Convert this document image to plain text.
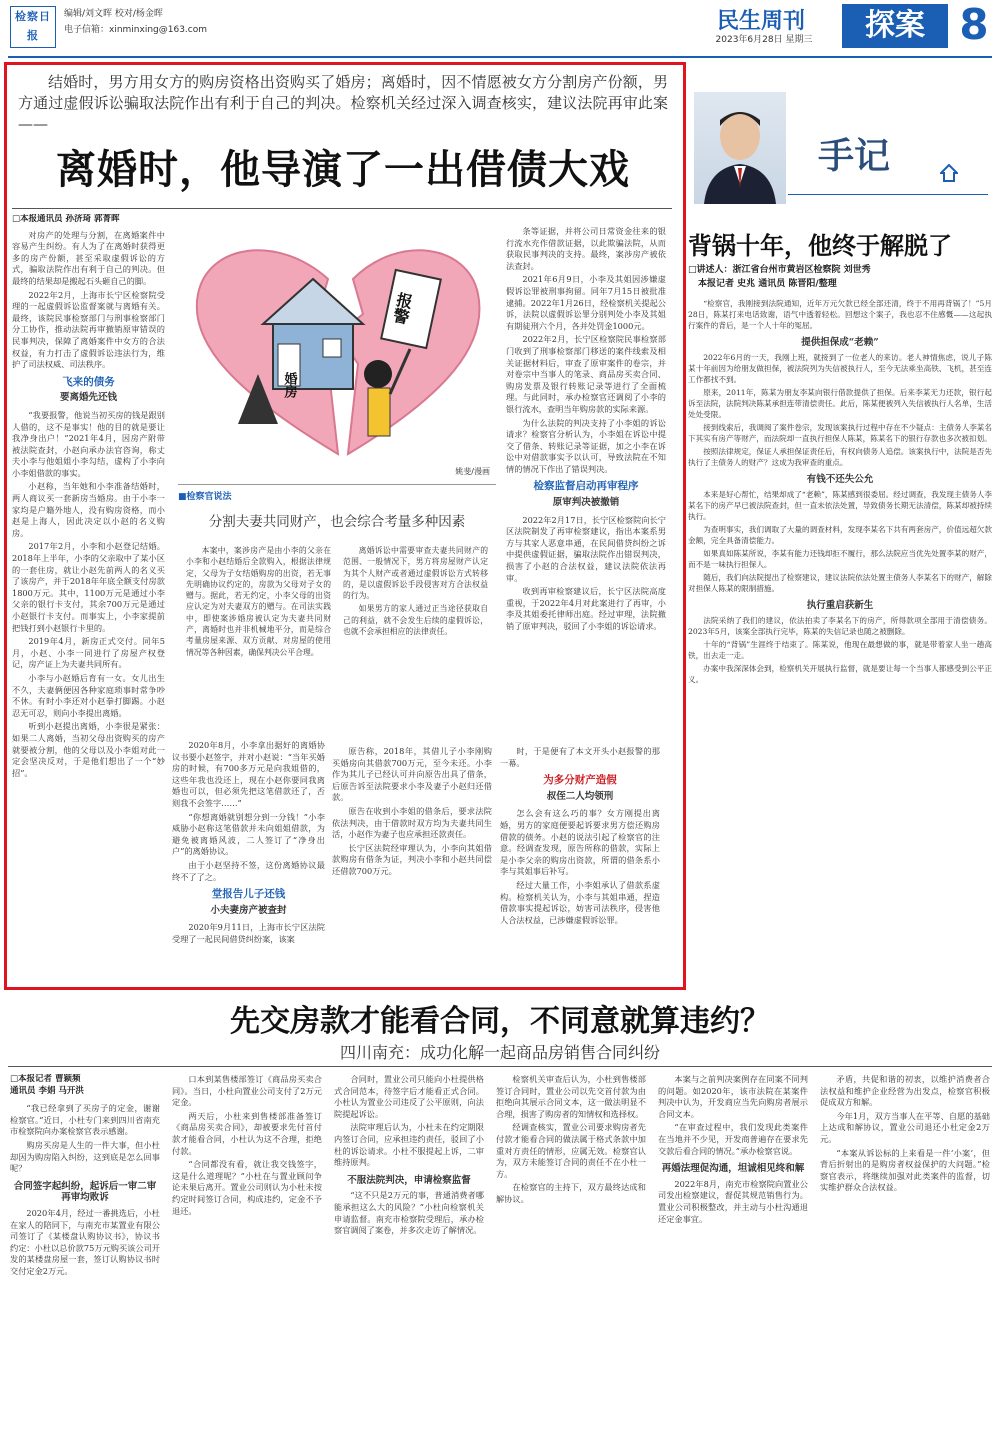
检察日报
编辑/刘文晖 校对/杨金晖
电子信箱：xinminxing@163.com	民生周刊
2023年6月28日 星期三	探案 8
结婚时，男方用女方的购房资格出资购买了婚房；离婚时，因不情愿被女方分割房产份额，男方通过虚假诉讼骗取法院作出有利于自己的判决。检察机关经过深入调查核实，建议法院再审此案——
离婚时，他导演了一出借债大戏
□本报通讯员 孙济琦 郭菁晖

对房产的处理与分割，在离婚案件中容易产生纠纷。有人为了在离婚时获得更多的房产份额，甚至采取虚假诉讼的方式，骗取法院作出有利于自己的判决。但最终的结果却是搬起石头砸自己的脚。

2022年2月，上海市长宁区检察院受理的一起虚假诉讼监督案就与离婚有关。最终，该院民事检察部门与刑事检察部门分工协作，推动法院再审撤销原审错误的民事判决，保障了离婚案件中女方的合法权益，有力打击了虚假诉讼违法行为，维护了司法权威、司法秩序。

飞来的债务
要离婚先还钱

“我要报警，他说当初买房的钱是跟别人借的，这不是事实！他的目的就是要让我净身出户！”2021年4月，因房产附带被法院查封，小赵向承办法官咨询，称丈夫小李与他姐姐小李勾结，虚构了小李向小李姐借款的事实。

小赵称，当年她和小李准备结婚时，两人商议买一套新房当婚房。由于小李一家均是户籍外地人，没有购房资格，而小赵是上海人，因此决定以小赵的名义购房。

2017年2月，小李和小赵登记结婚。2018年上半年，小李的父亲取中了某小区的一套住房，就让小赵先前两人的名义买了该房产，并于2018年年底全额支付房款1800万元。其中，1100万元是通过小李父亲的银行卡支付，其余700万元是通过小赵银行卡支付。而事实上，小李家提前把钱打到小赵银行卡里的。

2019年4月，新房正式交付。同年5月，小赵、小李一同进行了房屋产权登记，房产证上为夫妻共同所有。

小李与小赵婚后育有一女。女儿出生不久，夫妻俩便因各种家庭琐事时常争吵不休。有时小李还对小赵拳打脚踢。小赵忍无可忍，则向小李提出离婚。

听到小赵提出离婚，小李很是紧张：如果二人离婚，当初父母出资购买的房产就要被分割，他的父母以及小李姐对此一定会坚决反对，于是他们想出了一个“妙招”。

2020年8月，小李拿出据好的离婚协议书要小赵签字，并对小赵说：“当年买婚房的时候，有700多万元是向我姐借的，这些年我也没还上，现在小赵你要同我离婚也可以，但必须先把这笔借款还了，否则我不会签字……”

“你想离婚就别想分到一分钱！”小李威胁小赵称这笔借款并未向姐姐借款，为避免被离婚风波，二人签订了“净身出户”的离婚协议。

由于小赵坚持不签，这份离婚协议最终不了了之。

堂报告儿子还钱
小夫妻房产被查封

2020年9月11日，上海市长宁区法院受理了一起民间借贷纠纷案，该案

婚房
报警
姚斐/漫画
■检察官说法
分割夫妻共同财产，也会综合考量多种因素

本案中，案涉房产是由小李的父亲在小李和小赵结婚后全款购入，根据法律规定，父母为子女结婚购房的出资，若无事先明确协议约定的，房款为父母对子女的赠与。据此，若无约定，小李父母的出资应认定为对夫妻双方的赠与。在司法实践中，即使案涉婚房被认定为夫妻共同财产，离婚时也并非机械地平分，而是综合考量房屋来源、双方贡献、对房屋的使用情况等各种因素，确保判决公平合理。

离婚诉讼中需要审查夫妻共同财产的范围、一般情况下，男方将房屋财产认定为其个人财产或者通过虚假诉讼方式转移的，是以虚假诉讼手段侵害对方合法权益的行为。

如果男方的家人通过正当途径获取自己的利益，就不会发生后续的虚假诉讼，也就不会承担相应的法律责任。

原告称，2018年，其借儿子小李刚购买婚房向其借款700万元，至今未还。小李作为其儿子已经认可并向原告出具了借条，后原告诉至法院要求小李及妻子小赵归还借款。

原告在收到小李姐的借条后，要求法院依法判决，由于借款时双方均为夫妻共同生活，小赵作为妻子也应承担还款责任。

长宁区法院经审理认为，小李向其姐借款购房有借条为证，判决小李和小赵共同偿还借款700万元。

时，于是便有了本文开头小赵报警的那一幕。

为多分财产造假
叔侄二人均领刑

怎么会有这么巧的事？女方刚提出离婚，男方的家庭便要起诉要求男方偿还购房借款的债务。小赵的说法引起了检察官的注意。经调查发现，原告所称的借款，实际上是小李父亲的购房出资款，所谓的借条系小李与其姐事后补写。

经过大量工作，小李姐承认了借款系虚构。检察机关认为，小李与其姐串通，捏造借款事实提起诉讼，妨害司法秩序，侵害他人合法权益，已涉嫌虚假诉讼罪。

条等证据，并将公司日常资金往来的银行流水充作借款证据，以此欺骗法院，从而获取民事判决的支持。最终，案涉房产被依法查封。

2021年6月9日，小李及其姐因涉嫌虚假诉讼罪被刑事拘留。同年7月15日被批准逮捕。2022年1月26日，经检察机关提起公诉，法院以虚假诉讼罪分别判处小李及其姐有期徒刑六个月，各并处罚金1000元。

2022年2月，长宁区检察院民事检察部门收到了刑事检察部门移送的案件线索及相关证据材料后，审查了原审案件的卷宗，并对卷宗中当事人的笔录、商品房买卖合同、购房发票及银行转账记录等进行了全面梳理。与此同时，承办检察官还调阅了小李的银行流水，查明当年购房款的实际来源。

为什么法院的判决支持了小李姐的诉讼请求？检察官分析认为，小李姐在诉讼中提交了借条、转账记录等证据，加之小李在诉讼中对借款事实予以认可，导致法院在不知情的情况下作出了错误判决。

检察监督启动再审程序
原审判决被撤销

2022年2月17日，长宁区检察院向长宁区法院制发了再审检察建议，指出本案系男方与其家人恶意串通，在民间借贷纠纷之诉中提供虚假证据，骗取法院作出错误判决，损害了小赵的合法权益，建议法院依法再审。

收到再审检察建议后，长宁区法院高度重视，于2022年4月对此案进行了再审，小李及其姐委托律师出庭。经过审理，法院撤销了原审判决，驳回了小李姐的诉讼请求。

手记
背锅十年，他终于解脱了
□讲述人：浙江省台州市黄岩区检察院 刘世秀
本报记者 史兆 通讯员 陈晋阳/整理

“检察官，我刚接到法院通知，近年万元欠款已经全部还清，终于不用再背锅了！”5月28日，陈某打来电话致谢，语气中透着轻松。回想这个案子，我也忍不住感慨——这起执行案件的背后，是一个人十年的冤屈。

提供担保成“老赖”

2022年6月的一天，我刚上班，就接到了一位老人的来访。老人神情焦虑，说儿子陈某十年前因为给朋友做担保，被法院列为失信被执行人，至今无法乘坐高铁、飞机，甚至连工作都找不到。

原来，2011年，陈某为朋友李某向银行借款提供了担保。后来李某无力还款，银行起诉至法院，法院判决陈某承担连带清偿责任。此后，陈某便被列入失信被执行人名单，生活处处受限。

接到线索后，我调阅了案件卷宗，发现该案执行过程中存在不少疑点：主债务人李某名下其实有房产等财产，而法院却一直执行担保人陈某，陈某名下的银行存款也多次被扣划。

按照法律规定，保证人承担保证责任后，有权向债务人追偿。该案执行中，法院是否先执行了主债务人的财产？这成为我审查的重点。

有钱不还失公允

本来是好心帮忙，结果却成了“老赖”，陈某感到很委屈。经过调查，我发现主债务人李某名下的房产早已被法院查封，但一直未依法处置，导致债务长期无法清偿，陈某却被持续执行。

为查明事实，我们调取了大量的调查材料，发现李某名下共有两套房产，价值远超欠款金额，完全具备清偿能力。

如果真如陈某所说，李某有能力还钱却拒不履行，那么法院应当优先处置李某的财产，而不是一味执行担保人。

随后，我们向法院提出了检察建议，建议法院依法处置主债务人李某名下的财产，解除对担保人陈某的限制措施。

执行重启获新生

法院采纳了我们的建议，依法拍卖了李某名下的房产，所得款项全部用于清偿债务。2023年5月，该案全部执行完毕，陈某的失信记录也随之被删除。

十年的“背锅”生涯终于结束了。陈某说，他现在最想做的事，就是带着家人坐一趟高铁，出去走一走。

办案中我深深体会到，检察机关开展执行监督，就是要让每一个当事人都感受到公平正义。

先交房款才能看合同，不同意就算违约？
四川南充：成功化解一起商品房销售合同纠纷
□本报记者 曹颖频
通讯员 李娟 马开洪

“我已经拿到了买房子的定金，谢谢检察官。”近日，小杜专门来到四川省南充市检察院向办案检察官表示感谢。

购房买房是人生的一件大事，但小杜却因为购房陷入纠纷，这到底是怎么回事呢？

合同签字起纠纷，起诉后一审二审再审均败诉

2020年4月，经过一番挑选后，小杜在家人的陪同下，与南充市某置业有限公司签订了《某楼盘认购协议书》，协议书约定：小杜以总价款75万元购买该公司开发的某楼盘房屋一套，签订认购协议书时交付定金2万元。

口本到某售楼部签订《商品房买卖合同》。当日，小杜向置业公司支付了2万元定金。

两天后，小杜来到售楼部准备签订《商品房买卖合同》，却被要求先付首付款才能看合同，小杜认为这不合理，拒绝付款。

“合同都没有看，就让我交钱签字，这是什么道理呢？”小杜在与置业顾问争论未果后离开。置业公司则认为小杜未按约定时间签订合同，构成违约，定金不予退还。

合同时，置业公司只能向小杜提供格式合同范本，待签字后才能看正式合同。小杜认为置业公司违反了公平原则，向法院提起诉讼。

法院审理后认为，小杜未在约定期限内签订合同，应承担违约责任，驳回了小杜的诉讼请求。小杜不服提起上诉，二审维持原判。

不服法院判决，申请检察监督

“这不只是2万元的事，普通消费者哪能承担这么大的风险？”小杜向检察机关申请监督。南充市检察院受理后，承办检察官调阅了案卷，并多次走访了解情况。

检察机关审查后认为，小杜到售楼部签订合同时，置业公司以先交首付款为由拒绝向其展示合同文本，这一做法明显不合理，损害了购房者的知情权和选择权。

经调查核实，置业公司要求购房者先付款才能看合同的做法属于格式条款中加重对方责任的情形，应属无效。检察官认为，双方未能签订合同的责任不在小杜一方。

在检察官的主持下，双方最终达成和解协议。

本案与之前判决案例存在同案不同判的问题。如2020年，该市法院在某案件判决中认为，开发商应当先向购房者展示合同文本。

“在审查过程中，我们发现此类案件在当地并不少见，开发商普遍存在要求先交款后看合同的情况。”承办检察官说。

再婚法理促沟通，坦诚相见终和解

2022年8月，南充市检察院向置业公司发出检察建议，督促其规范销售行为。置业公司积极整改，并主动与小杜沟通退还定金事宜。

矛盾，共促和谐的初衷，以维护消费者合法权益和维护企业经营为出发点，检察官积极促成双方和解。

今年1月，双方当事人在平等、自愿的基础上达成和解协议，置业公司退还小杜定金2万元。

“本案从诉讼标的上来看是一件‘小案’，但背后折射出的是购房者权益保护的大问题。”检察官表示，将继续加强对此类案件的监督，切实维护群众合法权益。
